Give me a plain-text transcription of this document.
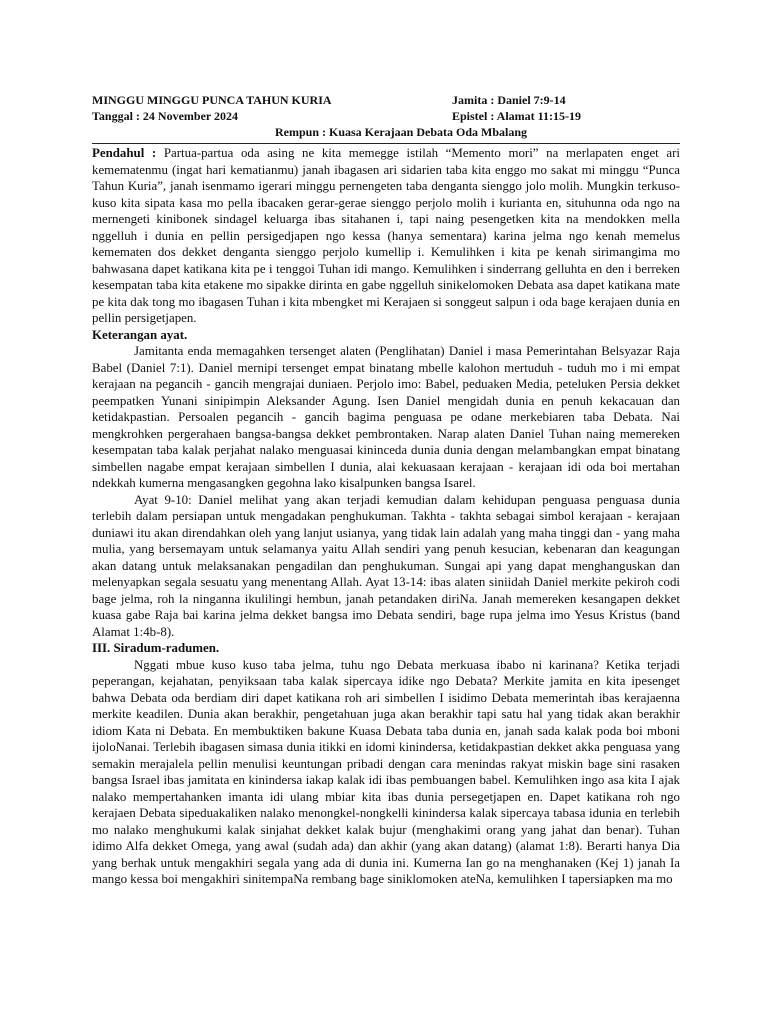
MINGGU MINGGU PUNCA TAHUN KURIA	Jamita : Daniel 7:9-14
Tanggal : 24 November 2024	Epistel : Alamat 11:15-19
Rempun : Kuasa Kerajaan Debata Oda Mbalang

Pendahul : Partua-partua oda asing ne kita memegge istilah “Memento mori” na merlapaten enget ari kemematenmu (ingat hari kematianmu) janah ibagasen ari sidarien taba kita enggo mo sakat mi minggu “Punca Tahun Kuria”, janah isenmamo igerari minggu pernengeten taba denganta sienggo jolo molih. Mungkin terkuso-kuso kita sipata kasa mo pella ibacaken gerar-gerae sienggo perjolo molih i kurianta en, situhunna oda ngo na mernengeti kinibonek sindagel keluarga ibas sitahanen i, tapi naing pesengetken kita na mendokken mella nggelluh i dunia en pellin persigedjapen ngo kessa (hanya sementara) karina jelma ngo kenah memelus kemematen dos dekket denganta sienggo perjolo kumellip i. Kemulihken i kita pe kenah sirimangima mo bahwasana dapet katikana kita pe i tenggoi Tuhan idi mango. Kemulihken i sinderrang gelluhta en den i berreken kesempatan taba kita etakene mo sipakke dirinta en gabe nggelluh sinikelomoken Debata asa dapet katikana mate pe kita dak tong mo ibagasen Tuhan i kita mbengket mi Kerajaen si songgeut salpun i oda bage kerajaen dunia en pellin persigetjapen.

Keterangan ayat.

Jamitanta enda memagahken tersenget alaten (Penglihatan) Daniel i masa Pemerintahan Belsyazar Raja Babel (Daniel 7:1). Daniel mernipi tersenget empat binatang mbelle kalohon mertuduh - tuduh mo i mi empat kerajaan na pegancih - gancih mengrajai duniaen. Perjolo imo: Babel, peduaken Media, peteluken Persia dekket peempatken Yunani sinipimpin Aleksander Agung. Isen Daniel mengidah dunia en penuh kekacauan dan ketidakpastian. Persoalen pegancih - gancih bagima penguasa pe odane merkebiaren taba Debata. Nai mengkrohken pergerahaen bangsa-bangsa dekket pembrontaken. Narap alaten Daniel Tuhan naing memereken kesempatan taba kalak perjahat nalako menguasai kininceda dunia dunia dengan melambangkan empat binatang simbellen nagabe empat kerajaan simbellen I dunia, alai kekuasaan kerajaan - kerajaan idi oda boi mertahan ndekkah kumerna mengasangken gegohna lako kisalpunken bangsa Isarel.

Ayat 9-10: Daniel melihat yang akan terjadi kemudian dalam kehidupan penguasa penguasa dunia terlebih dalam persiapan untuk mengadakan penghukuman. Takhta - takhta sebagai simbol kerajaan - kerajaan duniawi itu akan direndahkan oleh yang lanjut usianya, yang tidak lain adalah yang maha tinggi dan - yang maha mulia, yang bersemayam untuk selamanya yaitu Allah sendiri yang penuh kesucian, kebenaran dan keagungan akan datang untuk melaksanakan pengadilan dan penghukuman. Sungai api yang dapat menghanguskan dan melenyapkan segala sesuatu yang menentang Allah. Ayat 13-14: ibas alaten siniidah Daniel merkite pekiroh codi bage jelma, roh la ninganna ikulilingi hembun, janah petandaken diriNa. Janah memereken kesangapen dekket kuasa gabe Raja bai karina jelma dekket bangsa imo Debata sendiri, bage rupa jelma imo Yesus Kristus (band Alamat 1:4b-8).

III. Siradum-radumen.

Nggati mbue kuso kuso taba jelma, tuhu ngo Debata merkuasa ibabo ni karinana? Ketika terjadi peperangan, kejahatan, penyiksaan taba kalak sipercaya idike ngo Debata? Merkite jamita en kita ipesenget bahwa Debata oda berdiam diri dapet katikana roh ari simbellen I isidimo Debata memerintah ibas kerajaenna merkite keadilen. Dunia akan berakhir, pengetahuan juga akan berakhir tapi satu hal yang tidak akan berakhir idiom Kata ni Debata. En membuktiken bakune Kuasa Debata taba dunia en, janah sada kalak poda boi mboni ijoloNanai. Terlebih ibagasen simasa dunia itikki en idomi kinindersa, ketidakpastian dekket akka penguasa yang semakin merajalela pellin menulisi keuntungan pribadi dengan cara menindas rakyat miskin bage sini rasaken bangsa Israel ibas jamitata en kinindersa iakap kalak idi ibas pembuangen babel. Kemulihken ingo asa kita I ajak nalako mempertahanken imanta idi ulang mbiar kita ibas dunia persegetjapen en. Dapet katikana roh ngo kerajaen Debata sipeduakaliken nalako menongkel-nongkelli kinindersa kalak sipercaya tabasa idunia en terlebih mo nalako menghukumi kalak sinjahat dekket kalak bujur (menghakimi orang yang jahat dan benar). Tuhan idimo Alfa dekket Omega, yang awal (sudah ada) dan akhir (yang akan datang) (alamat 1:8). Berarti hanya Dia yang berhak untuk mengakhiri segala yang ada di dunia ini. Kumerna Ian go na menghanaken (Kej 1) janah Ia mango kessa boi mengakhiri sinitempaNa rembang bage siniklomoken ateNa, kemulihken I tapersiapken ma mo
